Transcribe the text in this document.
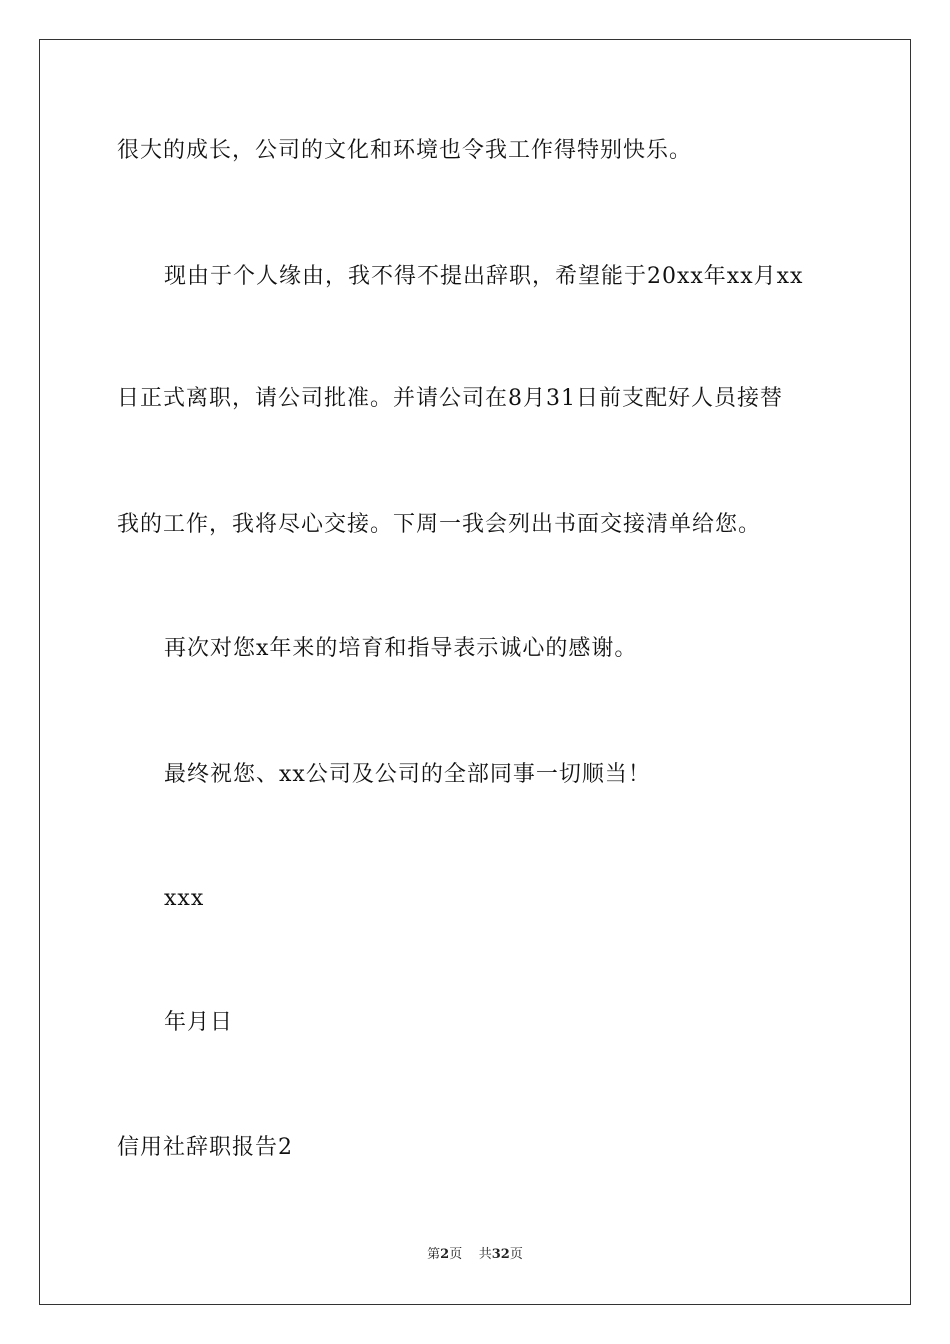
很大的成长，公司的文化和环境也令我工作得特别快乐。
现由于个人缘由，我不得不提出辞职，希望能于20xx年xx月xx
日正式离职，请公司批准。并请公司在8月31日前支配好人员接替
我的工作，我将尽心交接。下周一我会列出书面交接清单给您。
再次对您x年来的培育和指导表示诚心的感谢。
最终祝您、xx公司及公司的全部同事一切顺当！
xxx
年月日
信用社辞职报告2
第2页 共32页
